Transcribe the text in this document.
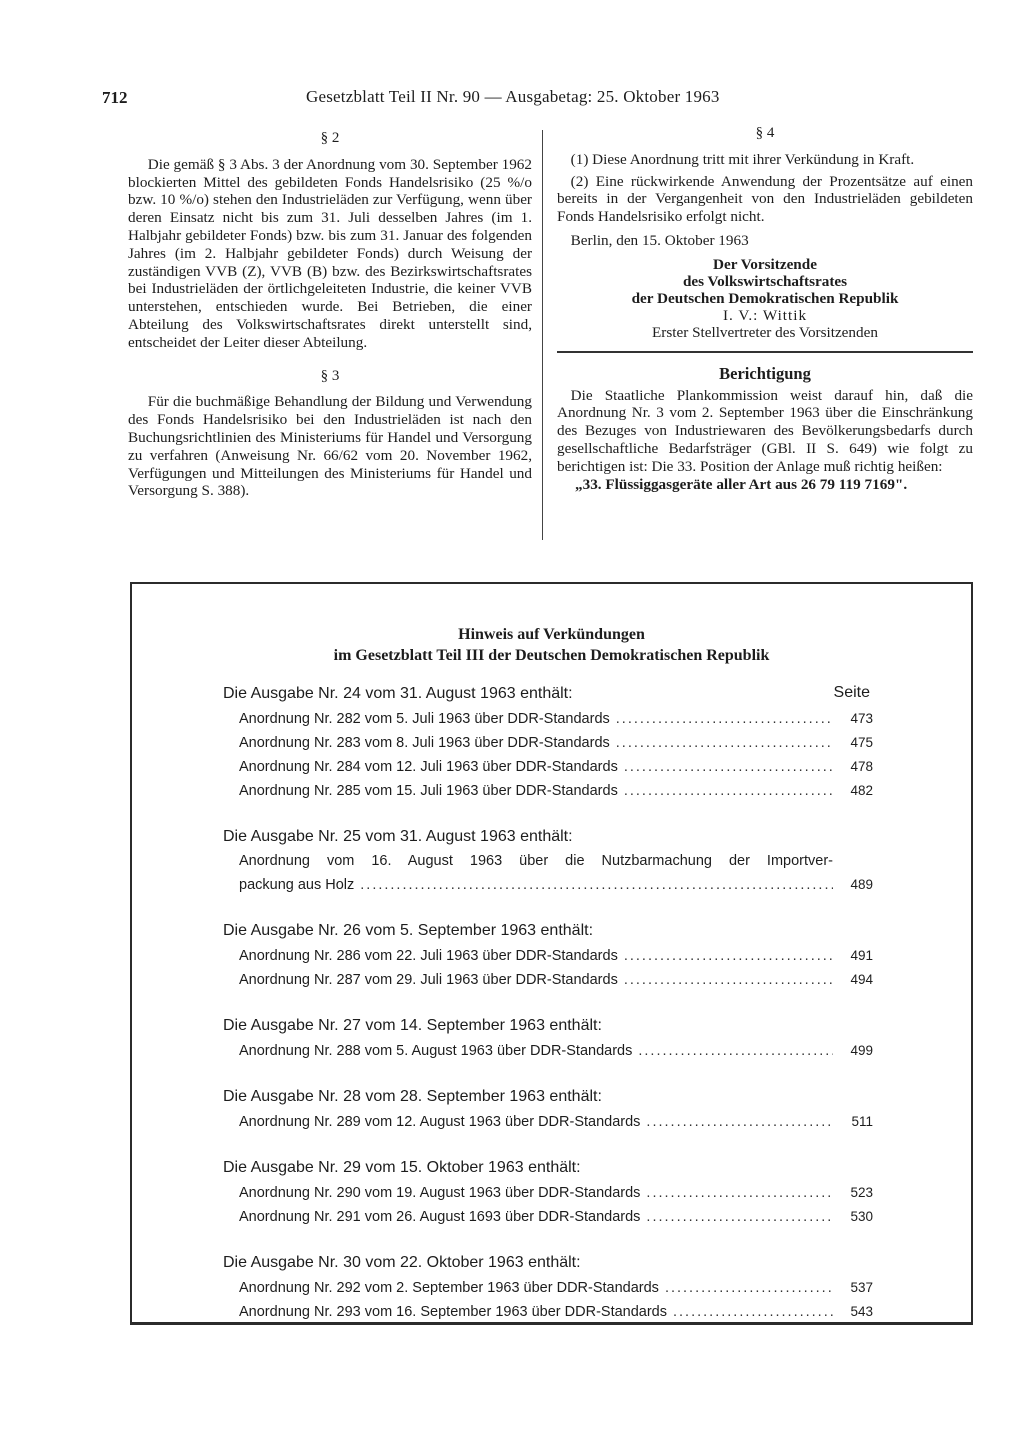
712	Gesetzblatt Teil II Nr. 90 — Ausgabetag: 25. Oktober 1963
§ 2

Die gemäß § 3 Abs. 3 der Anordnung vom 30. September 1962 blockierten Mittel des gebildeten Fonds Handelsrisiko (25 %/o bzw. 10 %/o) stehen den Industrieläden zur Verfügung, wenn über deren Einsatz nicht bis zum 31. Juli desselben Jahres (im 1. Halbjahr gebildeter Fonds) bzw. bis zum 31. Januar des folgenden Jahres (im 2. Halbjahr gebildeter Fonds) durch Weisung der zuständigen VVB (Z), VVB (B) bzw. des Bezirkswirtschaftsrates bei Industrieläden der örtlichgeleiteten Industrie, die keiner VVB unterstehen, entschieden wurde. Bei Betrieben, die einer Abteilung des Volkswirtschaftsrates direkt unterstellt sind, entscheidet der Leiter dieser Abteilung.

§ 3

Für die buchmäßige Behandlung der Bildung und Verwendung des Fonds Handelsrisiko bei den Industrieläden ist nach den Buchungsrichtlinien des Ministeriums für Handel und Versorgung zu verfahren (Anweisung Nr. 66/62 vom 20. November 1962, Verfügungen und Mitteilungen des Ministeriums für Handel und Versorgung S. 388).

§ 4

(1) Diese Anordnung tritt mit ihrer Verkündung in Kraft.

(2) Eine rückwirkende Anwendung der Prozentsätze auf einen bereits in der Vergangenheit von den Industrieläden gebildeten Fonds Handelsrisiko erfolgt nicht.

Berlin, den 15. Oktober 1963

Der Vorsitzende
des Volkswirtschaftsrates
der Deutschen Demokratischen Republik
I. V.: Wittik
Erster Stellvertreter des Vorsitzenden
Berichtigung

Die Staatliche Plankommission weist darauf hin, daß die Anordnung Nr. 3 vom 2. September 1963 über die Einschränkung des Bezuges von Industriewaren des Bevölkerungsbedarfs durch gesellschaftliche Bedarfsträger (GBl. II S. 649) wie folgt zu berichtigen ist: Die 33. Position der Anlage muß richtig heißen:

„33. Flüssiggasgeräte aller Art aus 26 79 119 7169".

Hinweis auf Verkündungen
im Gesetzblatt Teil III der Deutschen Demokratischen Republik
Seite
Die Ausgabe Nr. 24 vom 31. August 1963 enthält:
Anordnung Nr. 282 vom 5. Juli 1963 über DDR-Standards .....	473
Anordnung Nr. 283 vom 8. Juli 1963 über DDR-Standards .....	475
Anordnung Nr. 284 vom 12. Juli 1963 über DDR-Standards .....	478
Anordnung Nr. 285 vom 15. Juli 1963 über DDR-Standards .....	482
Die Ausgabe Nr. 25 vom 31. August 1963 enthält:
Anordnung vom 16. August 1963 über die Nutzbarmachung der Importver-
packung aus Holz .....	489
Die Ausgabe Nr. 26 vom 5. September 1963 enthält:
Anordnung Nr. 286 vom 22. Juli 1963 über DDR-Standards .....	491
Anordnung Nr. 287 vom 29. Juli 1963 über DDR-Standards .....	494
Die Ausgabe Nr. 27 vom 14. September 1963 enthält:
Anordnung Nr. 288 vom 5. August 1963 über DDR-Standards .....	499
Die Ausgabe Nr. 28 vom 28. September 1963 enthält:
Anordnung Nr. 289 vom 12. August 1963 über DDR-Standards .....	511
Die Ausgabe Nr. 29 vom 15. Oktober 1963 enthält:
Anordnung Nr. 290 vom 19. August 1963 über DDR-Standards .....	523
Anordnung Nr. 291 vom 26. August 1693 über DDR-Standards .....	530
Die Ausgabe Nr. 30 vom 22. Oktober 1963 enthält:
Anordnung Nr. 292 vom 2. September 1963 über DDR-Standards .....	537
Anordnung Nr. 293 vom 16. September 1963 über DDR-Standards .....	543
